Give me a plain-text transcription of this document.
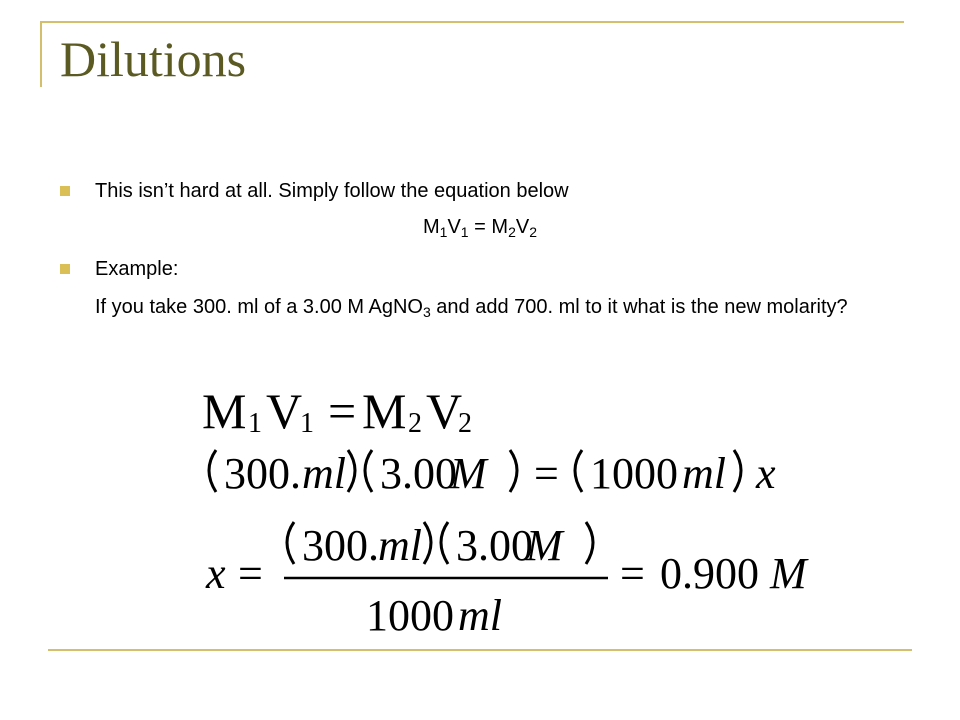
Dilutions
This isn’t hard at all. Simply follow the equation below
$M_1V_1 = M_2V_2$
Example:
If you take 300. ml of a 3.00 M AgNO$_3$ and add 700. ml to it what is the new molarity?
M 1 V
1 = M 2 V
2
300. ml 3.00
M = 1000 ml x
x =
300. ml 3.00
M
1000 ml
= 0.900 M
